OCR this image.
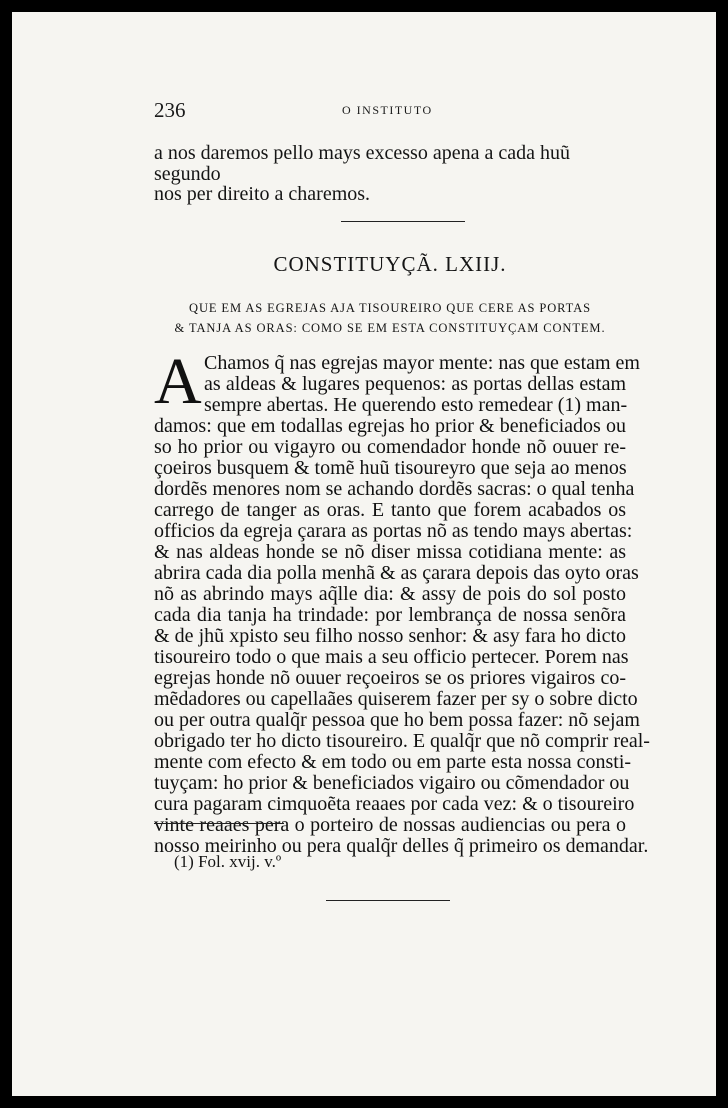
236	O INSTITUTO

a nos daremos pello mays excesso apena a cada huũ segundo

nos per direito a charemos.

CONSTITUYÇÃ. LXIIJ.

QUE EM AS EGREJAS AJA TISOUREIRO QUE CERE AS PORTAS

& TANJA AS ORAS: COMO SE EM ESTA CONSTITUYÇAM CONTEM.

A Chamos q̃ nas egrejas mayor mente: nas que estam em
as aldeas & lugares pequenos: as portas dellas estam
sempre abertas. He querendo esto remedear (1) man-
damos: que em todallas egrejas ho prior & beneficiados ou
so ho prior ou vigayro ou comendador honde nõ ouuer re-
çoeiros busquem & tomẽ huũ tisoureyro que seja ao menos
dordẽs menores nom se achando dordẽs sacras: o qual tenha
carrego de tanger as oras. E tanto que forem acabados os
officios da egreja çarara as portas nõ as tendo mays abertas:
& nas aldeas honde se nõ diser missa cotidiana mente: as
abrira cada dia polla menhã & as çarara depois das oyto oras
nõ as abrindo mays aq̃lle dia: & assy de pois do sol posto
cada dia tanja ha trindade: por lembrança de nossa senõra
& de jhũ xpisto seu filho nosso senhor: & asy fara ho dicto
tisoureiro todo o que mais a seu officio pertecer. Porem nas
egrejas honde nõ ouuer reçoeiros se os priores vigairos co-
mẽdadores ou capellaães quiserem fazer per sy o sobre dicto
ou per outra qualq̃r pessoa que ho bem possa fazer: nõ sejam
obrigado ter ho dicto tisoureiro. E qualq̃r que nõ comprir real-
mente com efecto & em todo ou em parte esta nossa consti-
tuyçam: ho prior & beneficiados vigairo ou cõmendador ou
cura pagaram cimquoẽta reaaes por cada vez: & o tisoureiro
vinte reaaes pera o porteiro de nossas audiencias ou pera o
nosso meirinho ou pera qualq̃r delles q̃ primeiro os demandar.
(1) Fol. xvij. v.º
